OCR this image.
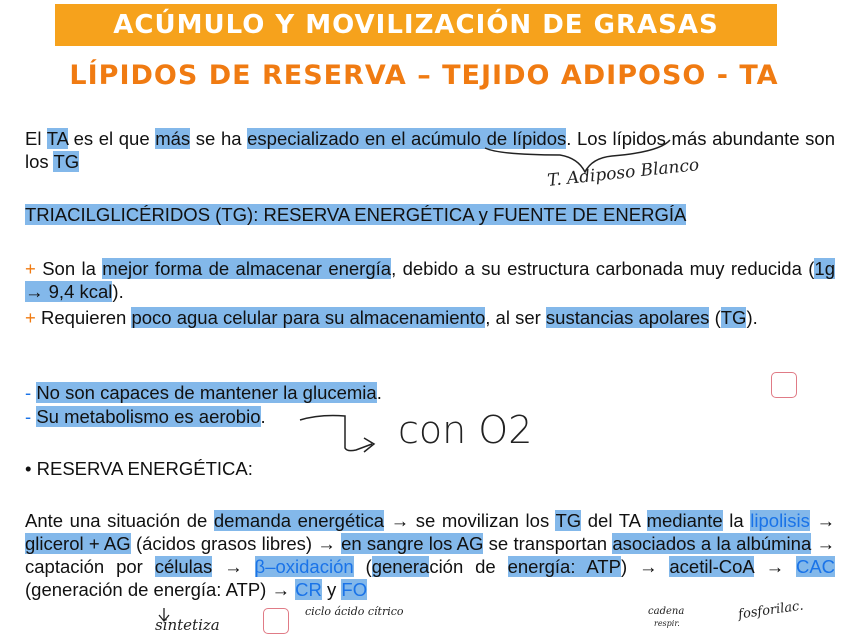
ACÚMULO Y MOVILIZACIÓN DE GRASAS
LÍPIDOS DE RESERVA – TEJIDO ADIPOSO - TA
El TA es el que más se ha especializado en el acúmulo de lípidos. Los lípidos más abundante son los TG
TRIACILGLICÉRIDOS (TG): RESERVA ENERGÉTICA y FUENTE DE ENERGÍA
+ Son la mejor forma de almacenar energía, debido a su estructura carbonada muy reducida (1g → 9,4 kcal).
+ Requieren poco agua celular para su almacenamiento, al ser sustancias apolares (TG).
- No son capaces de mantener la glucemia.
- Su metabolismo es aerobio.
• RESERVA ENERGÉTICA:
Ante una situación de demanda energética → se movilizan los TG del TA mediante la lipolisis → glicerol + AG (ácidos grasos libres) → en sangre los AG se transportan asociados a la albúmina → captación por células → β–oxidación (generación de energía: ATP) → acetil-CoA → CAC (generación de energía: ATP) → CR y FO
T. Adiposo Blanco
con O2
sintetiza
ciclo ácido cítrico	cadena
respir.
fosforilac.
